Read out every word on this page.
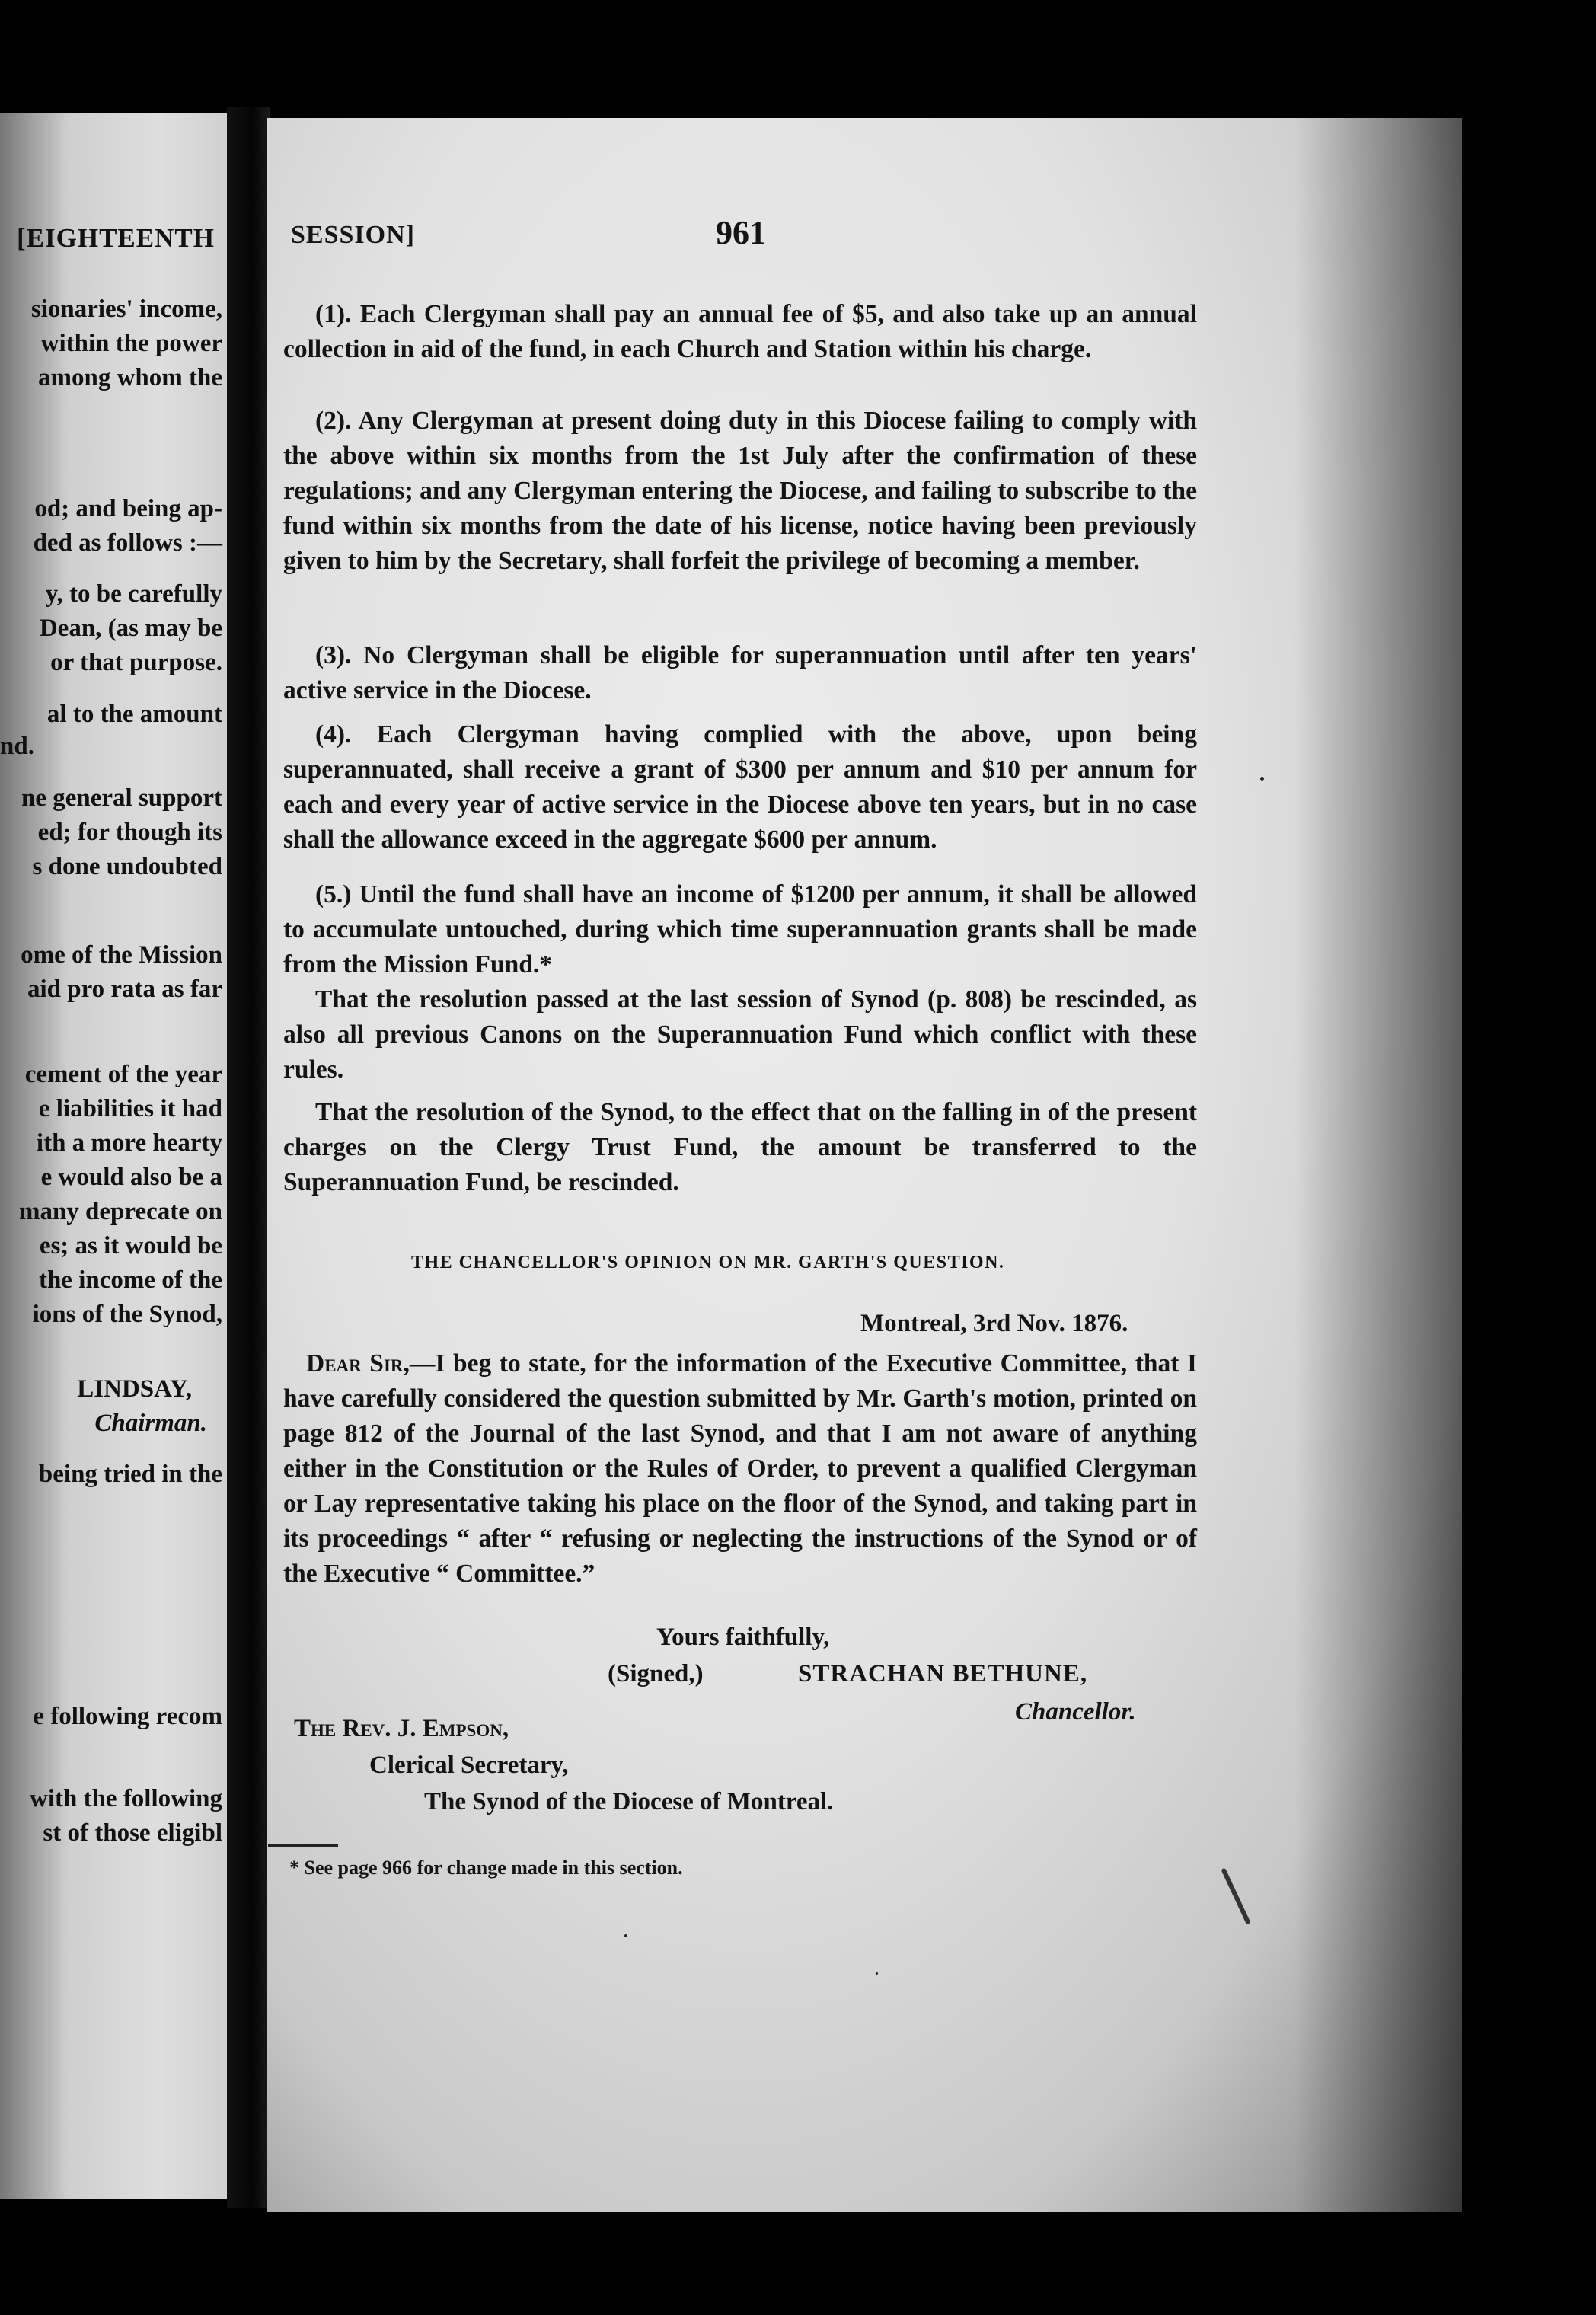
[EIGHTEENTH
sionaries' income,
within the power
among whom the
od; and being ap-
ded as follows :—
y, to be carefully
Dean, (as may be
or that purpose.
al to the amount
nd.
ne general support
ed; for though its
s done undoubted
ome of the Mission
aid pro rata as far
cement of the year
e liabilities it had
ith a more hearty
e would also be a
many deprecate on
es; as it would be
the income of the
ions of the Synod,
LINDSAY,
Chairman.
being tried in the
e following recom
with the following
st of those eligibl
SESSION]	961
(1). Each Clergyman shall pay an annual fee of $5, and also take up an annual collection in aid of the fund, in each Church and Station within his charge.
(2). Any Clergyman at present doing duty in this Diocese failing to comply with the above within six months from the 1st July after the confirmation of these regulations; and any Clergyman entering the Diocese, and failing to subscribe to the fund within six months from the date of his license, notice having been previously given to him by the Secretary, shall forfeit the privilege of becoming a member.
(3). No Clergyman shall be eligible for superannuation until after ten years' active service in the Diocese.
(4). Each Clergyman having complied with the above, upon being superannuated, shall receive a grant of $300 per annum and $10 per annum for each and every year of active service in the Diocese above ten years, but in no case shall the allowance exceed in the aggregate $600 per annum.
(5.) Until the fund shall have an income of $1200 per annum, it shall be allowed to accumulate untouched, during which time superannuation grants shall be made from the Mission Fund.*
That the resolution passed at the last session of Synod (p. 808) be rescinded, as also all previous Canons on the Superannuation Fund which conflict with these rules.
That the resolution of the Synod, to the effect that on the falling in of the present charges on the Clergy Trust Fund, the amount be transferred to the Superannuation Fund, be rescinded.
THE CHANCELLOR'S OPINION ON MR. GARTH'S QUESTION.
Montreal, 3rd Nov. 1876.
Dear Sir,—I beg to state, for the information of the Executive Committee, that I have carefully considered the question submitted by Mr. Garth's motion, printed on page 812 of the Journal of the last Synod, and that I am not aware of anything either in the Constitution or the Rules of Order, to prevent a qualified Clergyman or Lay representative taking his place on the floor of the Synod, and taking part in its proceedings “ after “ refusing or neglecting the instructions of the Synod or of the Executive “ Committee.”
Yours faithfully,
(Signed,)	STRACHAN BETHUNE,
Chancellor.
The Rev. J. Empson,
Clerical Secretary,
The Synod of the Diocese of Montreal.
* See page 966 for change made in this section.
